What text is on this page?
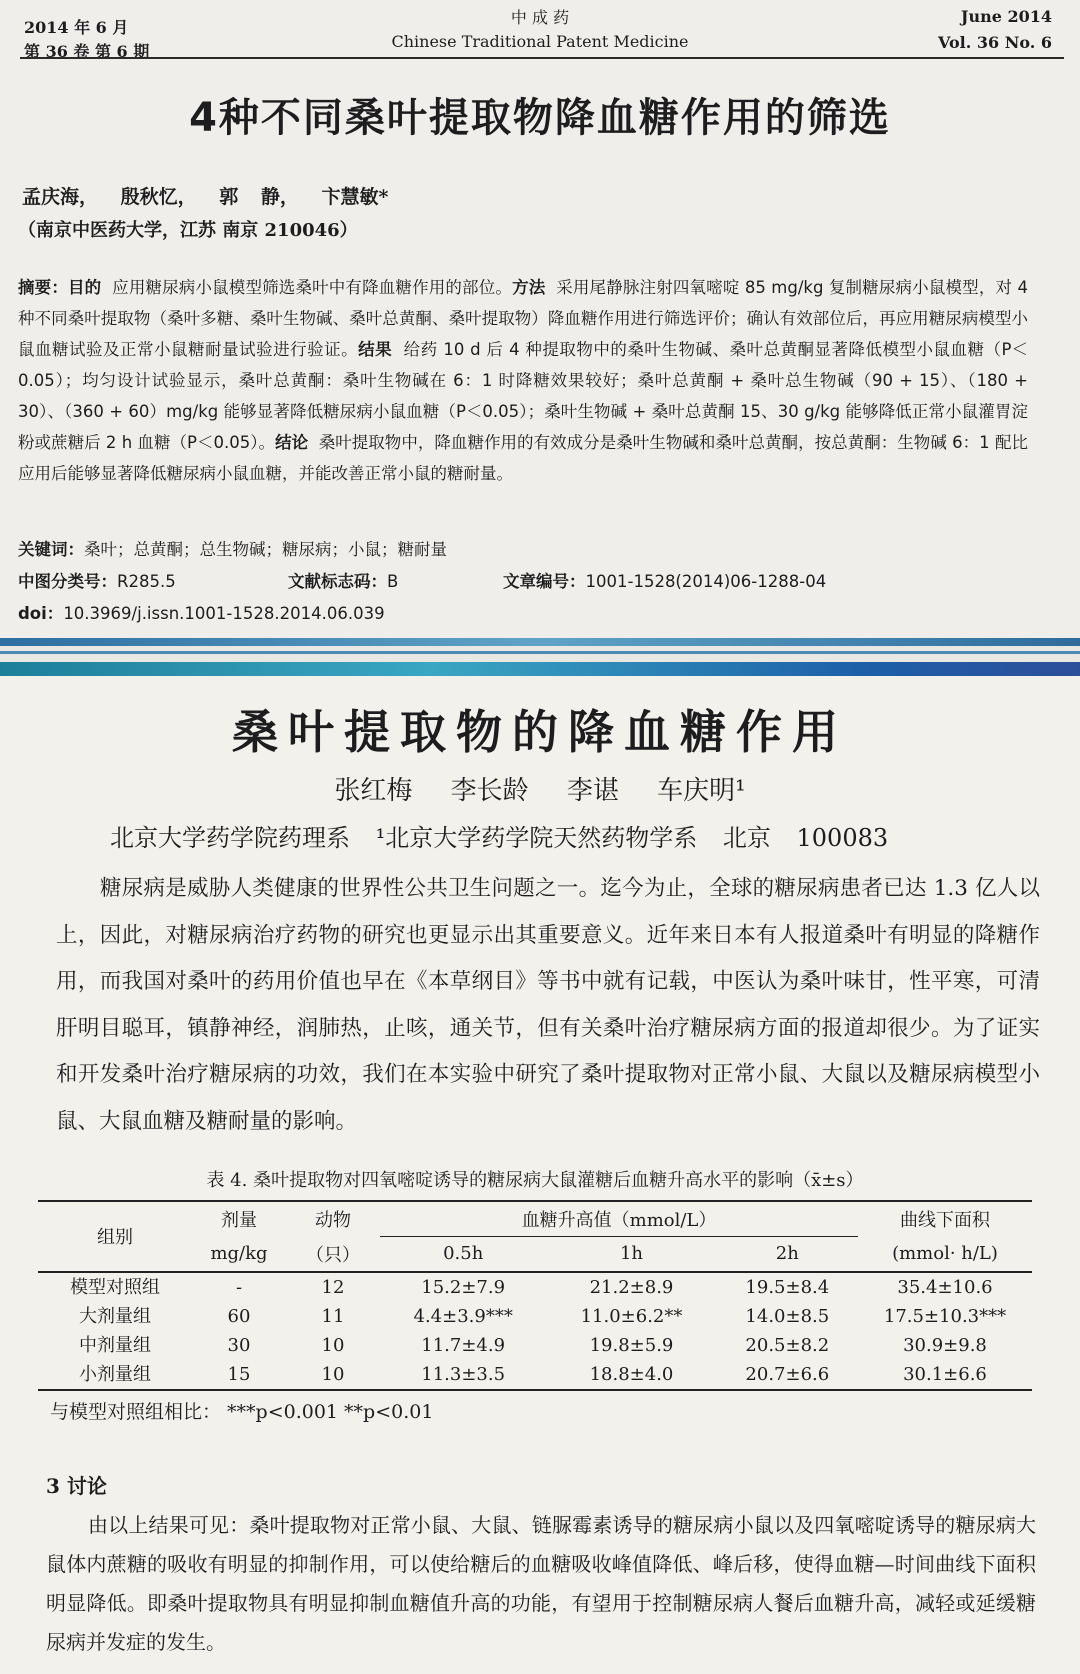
2014 年 6 月
第 36 卷 第 6 期
中 成 药
Chinese Traditional Patent Medicine
June 2014
Vol. 36 No. 6
4种不同桑叶提取物降血糖作用的筛选
孟庆海， 殷秋忆， 郭 静， 卞慧敏*
（南京中医药大学，江苏 南京 210046）
摘要：目的 应用糖尿病小鼠模型筛选桑叶中有降血糖作用的部位。方法 采用尾静脉注射四氧嘧啶 85 mg/kg 复制糖尿病小鼠模型，对 4 种不同桑叶提取物（桑叶多糖、桑叶生物碱、桑叶总黄酮、桑叶提取物）降血糖作用进行筛选评价；确认有效部位后，再应用糖尿病模型小鼠血糖试验及正常小鼠糖耐量试验进行验证。结果 给药 10 d 后 4 种提取物中的桑叶生物碱、桑叶总黄酮显著降低模型小鼠血糖（P＜0.05）；均匀设计试验显示，桑叶总黄酮：桑叶生物碱在 6：1 时降糖效果较好；桑叶总黄酮 + 桑叶总生物碱（90 + 15）、（180 + 30）、（360 + 60）mg/kg 能够显著降低糖尿病小鼠血糖（P＜0.05）；桑叶生物碱 + 桑叶总黄酮 15、30 g/kg 能够降低正常小鼠灌胃淀粉或蔗糖后 2 h 血糖（P＜0.05）。结论 桑叶提取物中，降血糖作用的有效成分是桑叶生物碱和桑叶总黄酮，按总黄酮：生物碱 6：1 配比应用后能够显著降低糖尿病小鼠血糖，并能改善正常小鼠的糖耐量。
关键词：桑叶；总黄酮；总生物碱；糖尿病；小鼠；糖耐量
中图分类号：R285.5	文献标志码：B	文章编号：1001-1528(2014)06-1288-04
doi：10.3969/j.issn.1001-1528.2014.06.039
桑叶提取物的降血糖作用
张红梅 李长龄 李谌 车庆明¹
北京大学药学院药理系 ¹北京大学药学院天然药物学系 北京 100083
糖尿病是威胁人类健康的世界性公共卫生问题之一。迄今为止，全球的糖尿病患者已达 1.3 亿人以上，因此，对糖尿病治疗药物的研究也更显示出其重要意义。近年来日本有人报道桑叶有明显的降糖作用，而我国对桑叶的药用价值也早在《本草纲目》等书中就有记载，中医认为桑叶味甘，性平寒，可清肝明目聪耳，镇静神经，润肺热，止咳，通关节，但有关桑叶治疗糖尿病方面的报道却很少。为了证实和开发桑叶治疗糖尿病的功效，我们在本实验中研究了桑叶提取物对正常小鼠、大鼠以及糖尿病模型小鼠、大鼠血糖及糖耐量的影响。
表 4. 桑叶提取物对四氧嘧啶诱导的糖尿病大鼠灌糖后血糖升高水平的影响（x̄±s）
组别	剂量	动物	血糖升高值（mmol/L）			曲线下面积
	mg/kg	（只）	0.5h	1h	2h	(mmol· h/L)
模型对照组	-	12	15.2±7.9	21.2±8.9	19.5±8.4	35.4±10.6
大剂量组	60	11	4.4±3.9***	11.0±6.2**	14.0±8.5	17.5±10.3***
中剂量组	30	10	11.7±4.9	19.8±5.9	20.5±8.2	30.9±9.8
小剂量组	15	10	11.3±3.5	18.8±4.0	20.7±6.6	30.1±6.6
与模型对照组相比： ***p<0.001 **p<0.01
3 讨论
由以上结果可见：桑叶提取物对正常小鼠、大鼠、链脲霉素诱导的糖尿病小鼠以及四氧嘧啶诱导的糖尿病大鼠体内蔗糖的吸收有明显的抑制作用，可以使给糖后的血糖吸收峰值降低、峰后移，使得血糖—时间曲线下面积明显降低。即桑叶提取物具有明显抑制血糖值升高的功能，有望用于控制糖尿病人餐后血糖升高，减轻或延缓糖尿病并发症的发生。
